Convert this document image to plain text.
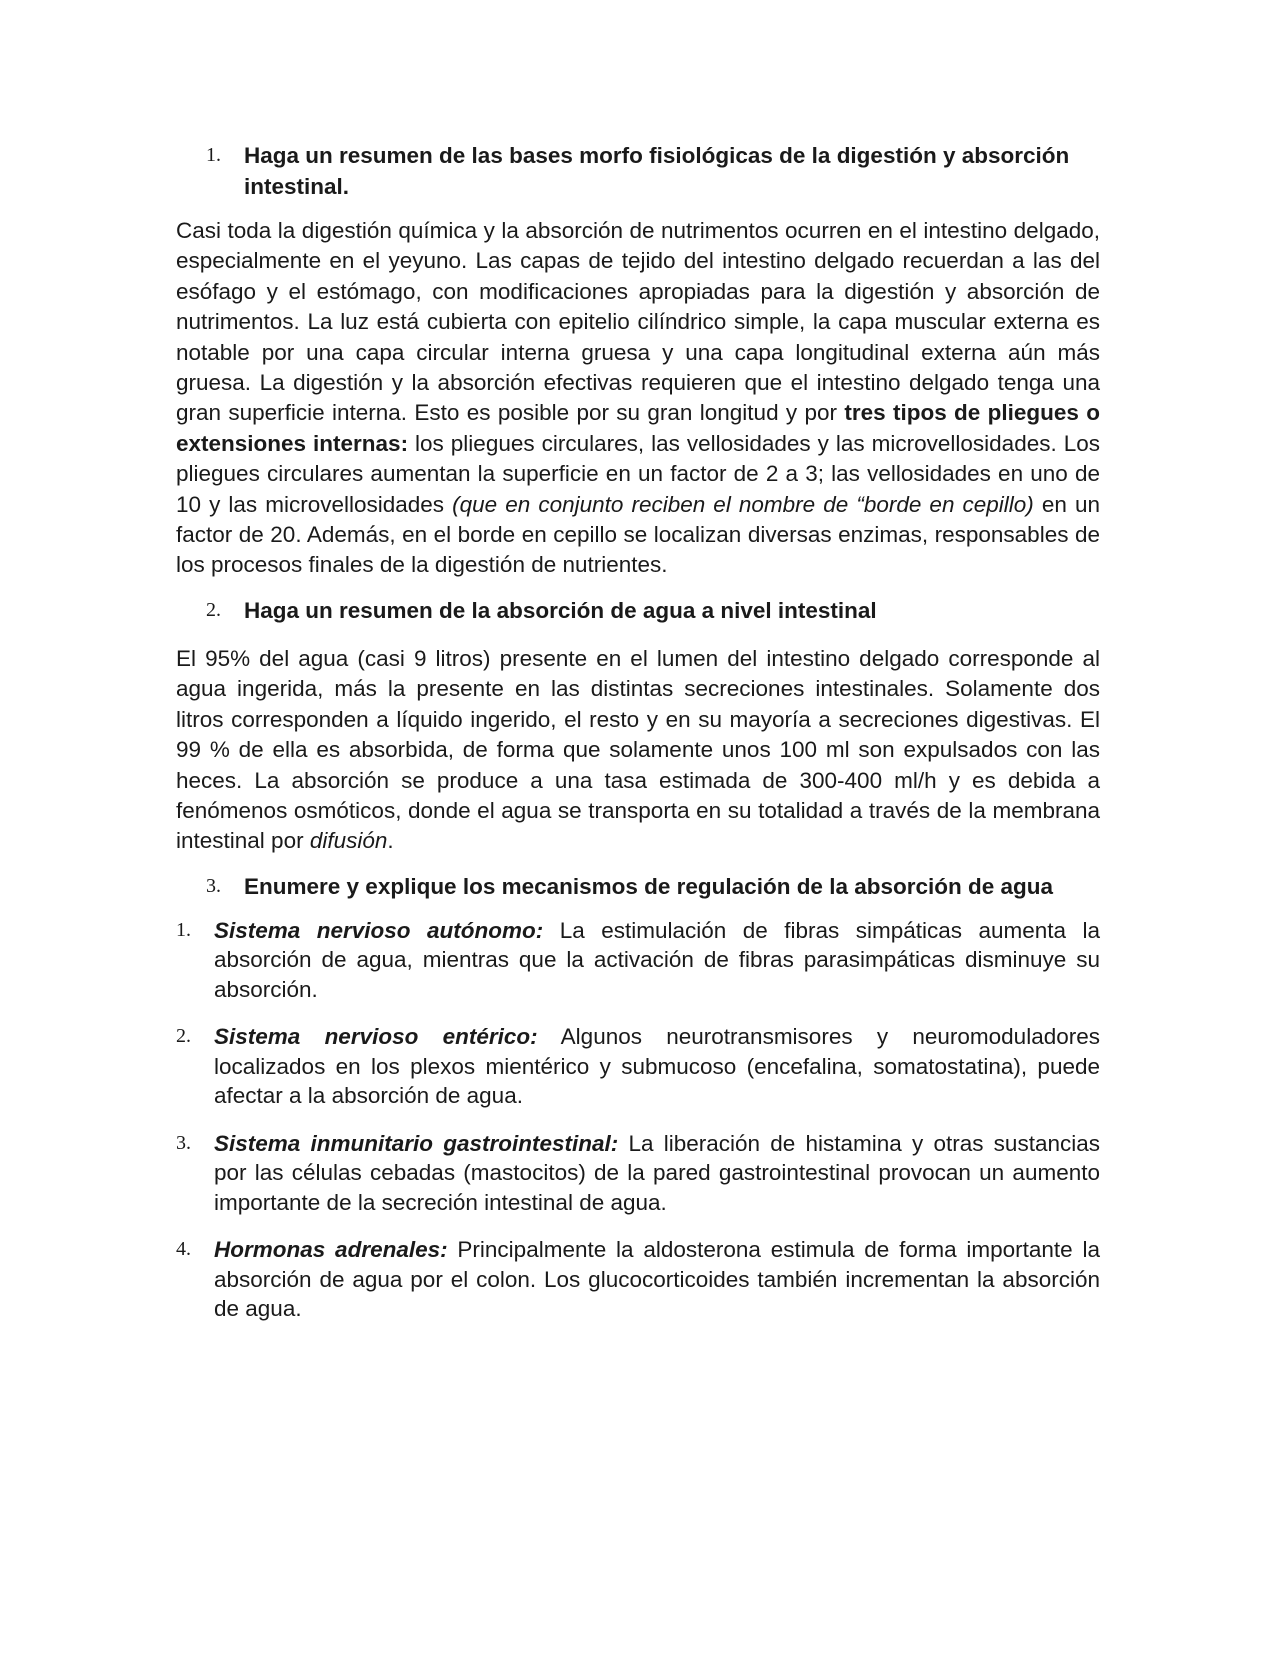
1.	Haga un resumen de las bases morfo fisiológicas de la digestión y absorción intestinal.

Casi toda la digestión química y la absorción de nutrimentos ocurren en el intestino delgado, especialmente en el yeyuno. Las capas de tejido del intestino delgado recuerdan a las del esófago y el estómago, con modificaciones apropiadas para la digestión y absorción de nutrimentos. La luz está cubierta con epitelio cilíndrico simple, la capa muscular externa es notable por una capa circular interna gruesa y una capa longitudinal externa aún más gruesa. La digestión y la absorción efectivas requieren que el intestino delgado tenga una gran superficie interna. Esto es posible por su gran longitud y por tres tipos de pliegues o extensiones internas: los pliegues circulares, las vellosidades y las microvellosidades. Los pliegues circulares aumentan la superficie en un factor de 2 a 3; las vellosidades en uno de 10 y las microvellosidades (que en conjunto reciben el nombre de “borde en cepillo) en un factor de 20. Además, en el borde en cepillo se localizan diversas enzimas, responsables de los procesos finales de la digestión de nutrientes.

2.	Haga un resumen de la absorción de agua a nivel intestinal

El 95% del agua (casi 9 litros) presente en el lumen del intestino delgado corresponde al agua ingerida, más la presente en las distintas secreciones intestinales. Solamente dos litros corresponden a líquido ingerido, el resto y en su mayoría a secreciones digestivas. El 99 % de ella es absorbida, de forma que solamente unos 100 ml son expulsados con las heces. La absorción se produce a una tasa estimada de 300-400 ml/h y es debida a fenómenos osmóticos, donde el agua se transporta en su totalidad a través de la membrana intestinal por difusión.

3.	Enumere y explique los mecanismos de regulación de la absorción de agua
1.	Sistema nervioso autónomo: La estimulación de fibras simpáticas aumenta la absorción de agua, mientras que la activación de fibras parasimpáticas disminuye su absorción.
2.	Sistema nervioso entérico: Algunos neurotransmisores y neuromoduladores localizados en los plexos mientérico y submucoso (encefalina, somatostatina), puede afectar a la absorción de agua.
3.	Sistema inmunitario gastrointestinal: La liberación de histamina y otras sustancias por las células cebadas (mastocitos) de la pared gastrointestinal provocan un aumento importante de la secreción intestinal de agua.
4.	Hormonas adrenales: Principalmente la aldosterona estimula de forma importante la absorción de agua por el colon. Los glucocorticoides también incrementan la absorción de agua.
